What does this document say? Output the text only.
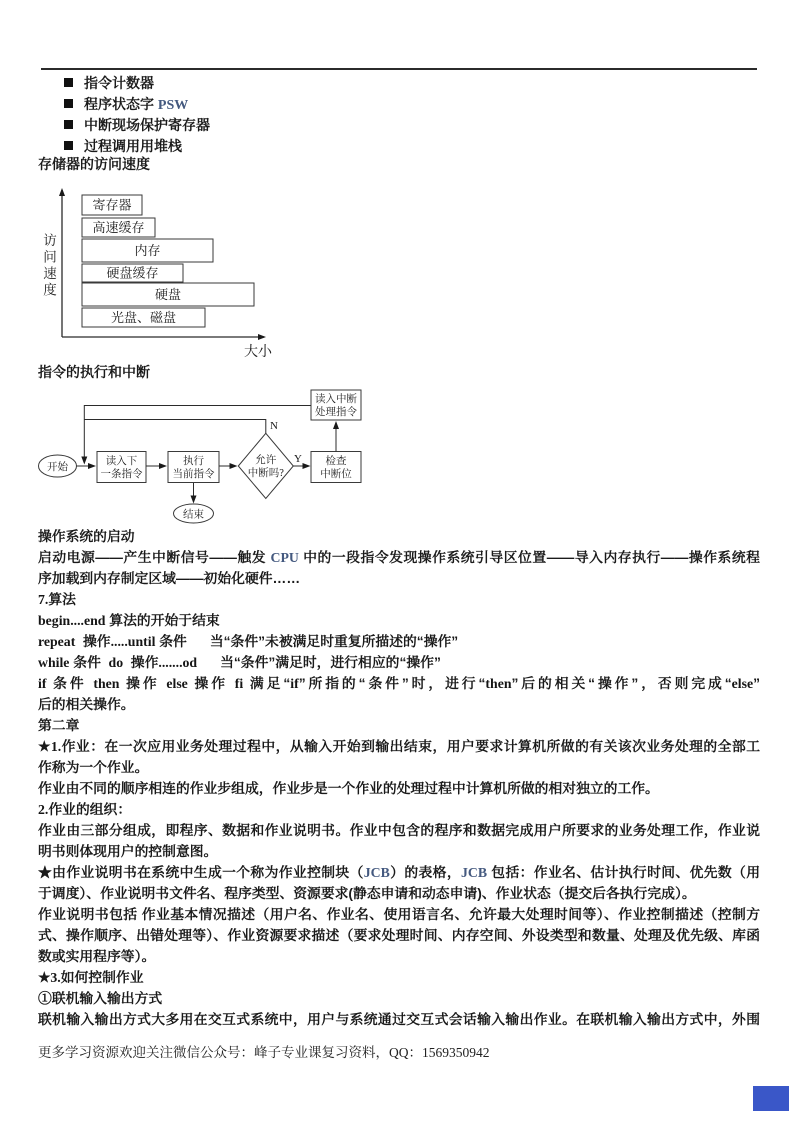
指令计数器
程序状态字 PSW
中断现场保护寄存器
过程调用用堆栈
存储器的访问速度
寄存器
高速缓存
内存
硬盘缓存
硬盘
光盘、磁盘
大小
访问速度
指令的执行和中断
开始
读入下
一条指令
执行
当前指令
允许
中断吗?
检查
中断位
读入中断
处理指令
结束
Y
N
操作系统的启动
启动电源——产生中断信号——触发 CPU 中的一段指令发现操作系统引导区位置——导入内存执行——操作系统程
序加载到内存制定区域——初始化硬件……
7.算法
begin....end 算法的开始于结束
repeat  操作.....until 条件      当“条件”未被满足时重复所描述的“操作”
while 条件  do  操作.......od      当“条件”满足时，进行相应的“操作”
if 条件 then 操作 else 操作 fi 满足“if”所指的“条件”时，进行“then”后的相关“操作”，否则完成“else”
后的相关操作。
第二章
★1.作业：在一次应用业务处理过程中，从输入开始到输出结束，用户要求计算机所做的有关该次业务处理的全部工
作称为一个作业。
作业由不同的顺序相连的作业步组成，作业步是一个作业的处理过程中计算机所做的相对独立的工作。
2.作业的组织：
作业由三部分组成，即程序、数据和作业说明书。作业中包含的程序和数据完成用户所要求的业务处理工作，作业说
明书则体现用户的控制意图。
★由作业说明书在系统中生成一个称为作业控制块（JCB）的表格，JCB 包括：作业名、估计执行时间、优先数（用
于调度）、作业说明书文件名、程序类型、资源要求(静态申请和动态申请)、作业状态（提交后各执行完成）。
作业说明书包括 作业基本情况描述（用户名、作业名、使用语言名、允许最大处理时间等）、作业控制描述（控制方
式、操作顺序、出错处理等）、作业资源要求描述（要求处理时间、内存空间、外设类型和数量、处理及优先级、库函
数或实用程序等）。
★3.如何控制作业
①联机输入输出方式
联机输入输出方式大多用在交互式系统中，用户与系统通过交互式会话输入输出作业。在联机输入输出方式中，外围
更多学习资源欢迎关注微信公众号：峰子专业课复习资料，QQ：1569350942
